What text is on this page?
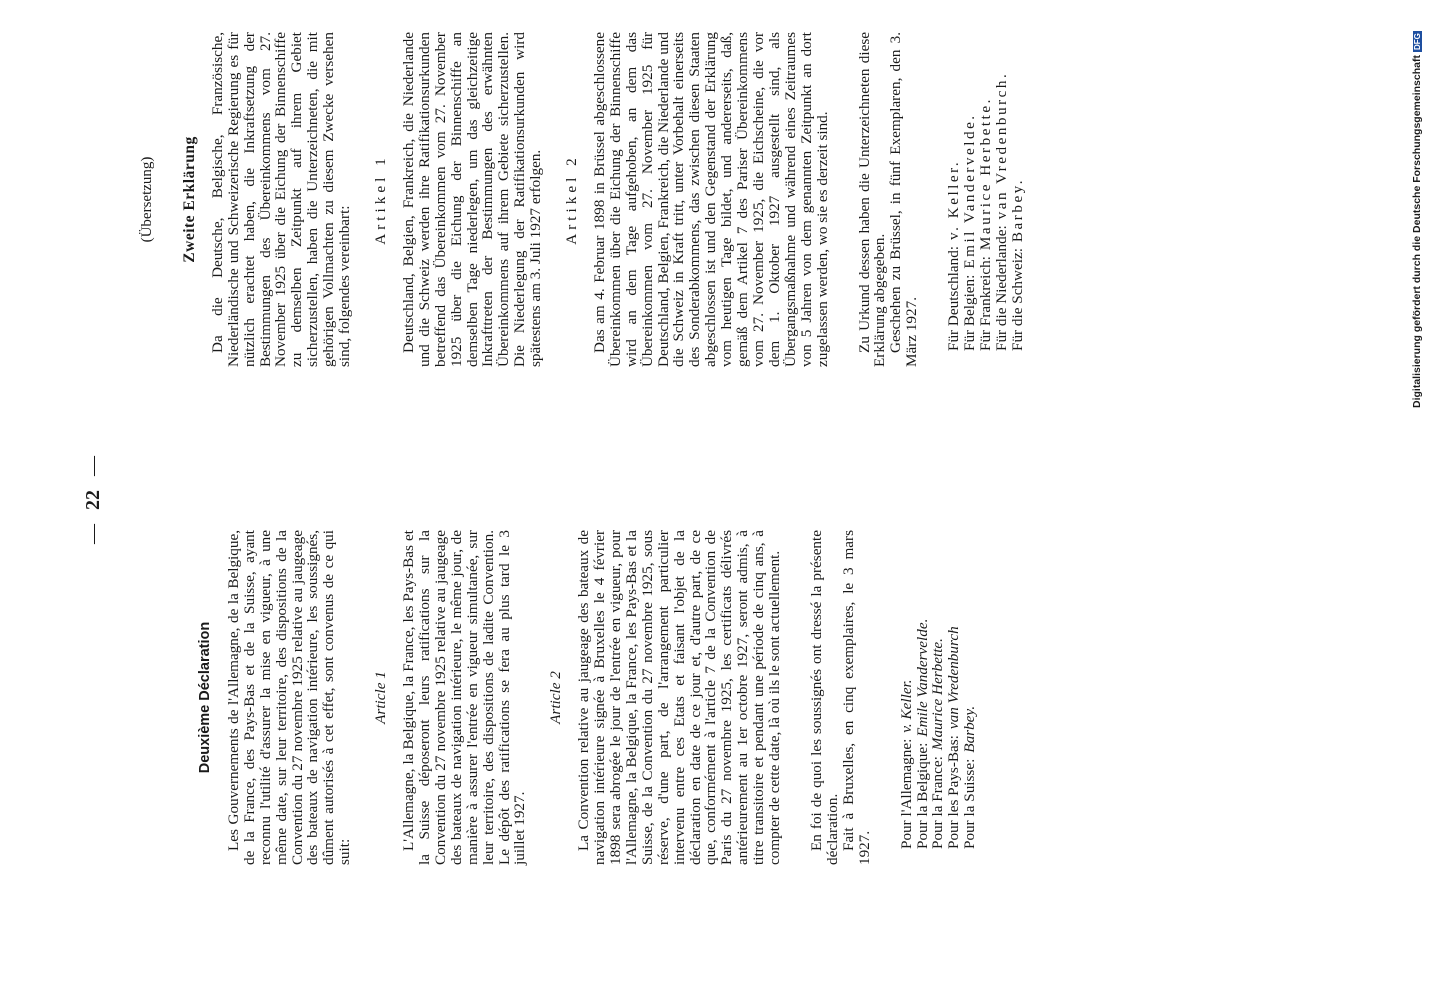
—22—
Deuxième Déclaration Les Gouvernements de l'Allemagne, de la Belgique, de la France, des Pays-Bas et de la Suisse, ayant reconnu l'utilité d'assurer la mise en vigueur, à une même date, sur leur territoire, des dispositions de la Convention du 27 novembre 1925 relative au jaugeage des bateaux de navigation intérieure, les soussignés, dûment autorisés à cet effet, sont convenus de ce qui suit:

Article 1 L'Allemagne, la Belgique, la France, les Pays-Bas et la Suisse déposeront leurs ratifications sur la Convention du 27 novembre 1925 relative au jaugeage des bateaux de navigation intérieure, le même jour, de manière à assurer l'entrée en vigueur simultanée, sur leur territoire, des dispositions de ladite Convention. Le dépôt des ratifications se fera au plus tard le 3 juillet 1927.

Article 2 La Convention relative au jaugeage des bateaux de navigation intérieure signée à Bruxelles le 4 février 1898 sera abrogée le jour de l'entrée en vigueur, pour l'Allemagne, la Belgique, la France, les Pays-Bas et la Suisse, de la Convention du 27 novembre 1925, sous réserve, d'une part, de l'arrangement particulier intervenu entre ces Etats et faisant l'objet de la déclaration en date de ce jour et, d'autre part, de ce que, conformément à l'article 7 de la Convention de Paris du 27 novembre 1925, les certificats délivrés antérieurement au 1er octobre 1927, seront admis, à titre transitoire et pendant une période de cinq ans, à compter de cette date, là où ils le sont actuellement. En foi de quoi les soussignés ont dressé la présente déclaration.

Fait à Bruxelles, en cinq exemplaires, le 3 mars 1927. Pour l'Allemagne:v. Keller.
Pour la Belgique:Emile Vandervelde.
Pour la France:Maurice Herbette.
Pour les Pays-Bas:van Vredenburch
Pour la Suisse:Barbey.
(Übersetzung) Zweite Erklärung Da die Deutsche, Belgische, Französische, Niederländische und Schweizerische Regierung es für nützlich erachtet haben, die Inkraftsetzung der Bestimmungen des Übereinkommens vom 27. November 1925 über die Eichung der Binnenschiffe zu demselben Zeitpunkt auf ihrem Gebiet sicherzustellen, haben die Unterzeichneten, die mit gehörigen Vollmachten zu diesem Zwecke versehen sind, folgendes vereinbart:

Artikel 1 Deutschland, Belgien, Frankreich, die Niederlande und die Schweiz werden ihre Ratifikationsurkunden betreffend das Übereinkommen vom 27. November 1925 über die Eichung der Binnenschiffe an demselben Tage niederlegen, um das gleichzeitige Inkrafttreten der Bestimmungen des erwähnten Übereinkommens auf ihrem Gebiete sicherzustellen. Die Niederlegung der Ratifikationsurkunden wird spätestens am 3. Juli 1927 erfolgen. Artikel 2 Das am 4. Februar 1898 in Brüssel abgeschlossene Übereinkommen über die Eichung der Binnenschiffe wird an dem Tage aufgehoben, an dem das Übereinkommen vom 27. November 1925 für Deutschland, Belgien, Frankreich, die Niederlande und die Schweiz in Kraft tritt, unter Vorbehalt einerseits des Sonderabkommens, das zwischen diesen Staaten abgeschlossen ist und den Gegenstand der Erklärung vom heutigen Tage bildet, und andererseits, daß, gemäß dem Artikel 7 des Pariser Übereinkommens vom 27. November 1925, die Eichscheine, die vor dem 1. Oktober 1927 ausgestellt sind, als Übergangsmaßnahme und während eines Zeitraumes von 5 Jahren von dem genannten Zeitpunkt an dort zugelassen werden, wo sie es derzeit sind. Zu Urkund dessen haben die Unterzeichneten diese Erklärung abgegeben.

Geschehen zu Brüssel, in fünf Exemplaren, den 3. März 1927. Für Deutschland:v. Keller.
Für Belgien:Emil Vandervelde.
Für Frankreich:Maurice Herbette.
Für die Niederlande:van Vredenburch.
Für die Schweiz:Barbey.	Digitalisierung gefördert durch die Deutsche ForschungsgemeinschaftDFG
